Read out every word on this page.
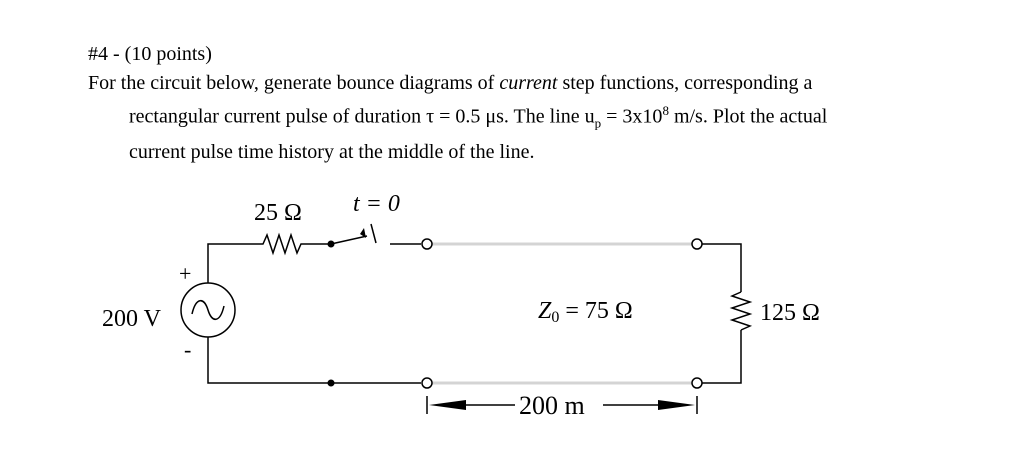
#4 - (10 points)
For the circuit below, generate bounce diagrams of current step functions, corresponding a
rectangular current pulse of duration τ = 0.5 μs. The line $u_p = 3x10^8$ m/s. Plot the actual
current pulse time history at the middle of the line.
25 Ω t = 0
+
-
200 V	Z0 = 75 Ω	125 Ω
200 m
